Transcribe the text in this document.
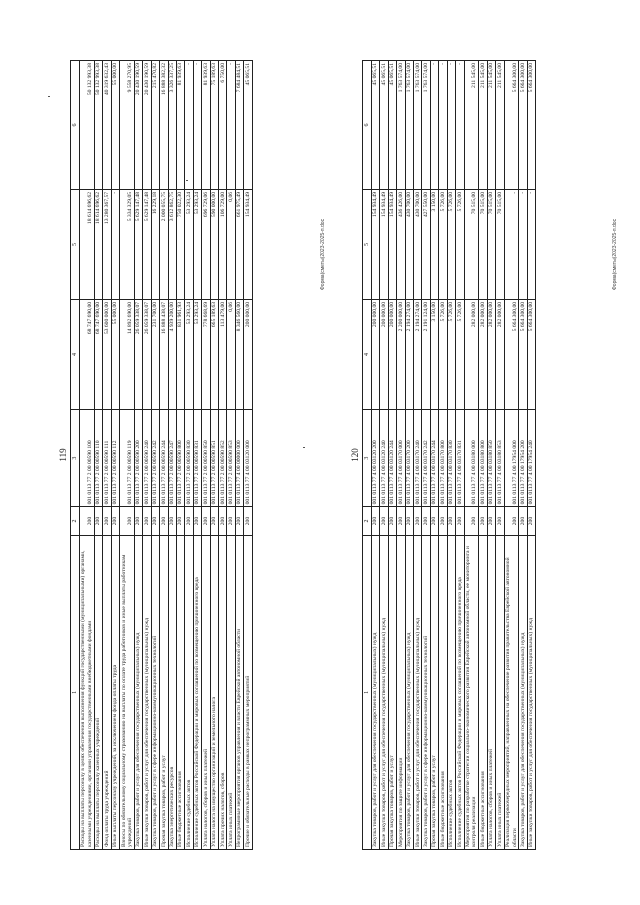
119
1	2	3	4	5	6
Расходы на выплаты персоналу в целях обеспечения выполнения функций государственными (муниципальными) органами, казенными учреждениями, органами управления государственными внебюджетными фондами	200	001 0113 77 2 00 00590 100	68 747 690,00	18 614 696,62	50 132 993,38
Расходы на выплаты персоналу казенных учреждений	200	001 0113 77 2 00 00590 110	68 747 690,00	18 614 696,62	50 132 993,38
Фонд оплаты труда учреждений	200	001 0113 77 2 00 00590 111	53 600 000,00	13 280 367,57	40 319 632,43
Иные выплаты персоналу учреждений, за исключением фонда оплаты труда	200	001 0113 77 2 00 00590 112	55 000,00	-	55 000,00
Взносы по обязательному социальному страхованию на выплаты по оплате труда работников и иные выплаты работникам учреждений	200	001 0113 77 2 00 00590 119	14 892 690,00	5 334 329,05	9 558 270,95
Закупка товаров, работ и услуг для обеспечения государственных (муниципальных) нужд	200	001 0113 77 2 00 00590 200	26 059 338,07	5 629 147,48	20 430 190,59
Иные закупки товаров, работ и услуг для обеспечения государственных (муниципальных) нужд	200	001 0113 77 2 00 00590 240	26 059 338,07	5 629 147,48	20 430 190,59
Закупка товаров, работ и услуг в сфере информационно-коммуникационных технологий	200	001 0113 77 2 00 00590 242	231 700,00	16 229,18	215 470,82
Прочая закупка товаров, работ и услуг	200	001 0113 77 2 00 00590 244	16 888 438,07	2 000 055,75	16 888 382,32
Закупка энергетических ресурсов	200	001 0113 77 2 00 00590 247	4 939 200,00	3 612 862,75	3 326 337,25
Иные бюджетные ассигнования	200	001 0113 77 2 00 00590 800	831 961,93	750 022,30	81 939,63
Исполнение судебных актов	200	001 0113 77 2 00 00590 830	53 293,24	53 293,24	-
Исполнение судебных актов Российской Федерации и мировых соглашений по возмещению причиненного вреда	200	001 0113 77 2 00 00590 831	53 293,24	53 293,24	-
Уплата налогов, сборов и иных платежей	200	001 0113 77 2 00 00590 850	778 668,69	696 729,06	81 939,63
Уплата налога на имущество организаций и земельного налога	200	001 0113 77 2 00 00590 851	665 189,63	590 000,00	75 189,63
Уплата прочих налогов, сборов	200	001 0113 77 2 00 00590 852	113 479,00	106 729,00	6 750,00
Уплата иных платежей	200	001 0113 77 2 00 00590 853	0,06	0,06	-
Непрограммные мероприятия органов управления и власти Еврейской автономной области	200	001 0113 77 4 00 00000 000	8 346 560,00	661 975,49	7 684 484,51
Прочие и обязательные расходы в рамках непрограммных мероприятий	200	001 0113 77 4 00 03120 000	200 000,00	154 934,49	45 065,51
Форма(сметы)2023-2025-п.doc
120
1	2	3	4	5	6
Закупка товаров, работ и услуг для обеспечения государственных (муниципальных) нужд	200	001 0113 77 4 00 03120 200	200 000,00	154 934,49	45 065,51
Иные закупки товаров, работ и услуг для обеспечения государственных (муниципальных) нужд	200	001 0113 77 4 00 03120 240	200 000,00	154 934,49	45 065,51
Прочая закупка товаров, работ и услуг	200	001 0113 77 4 00 03120 244	200 000,00	154 934,49	45 065,51
Мероприятия по защите информации	200	001 0113 77 4 00 03170 000	2 200 000,00	436 426,00	1 763 574,00
Закупка товаров, работ и услуг для обеспечения государственных (муниципальных) нужд	200	001 0113 77 4 00 03170 200	2 194 274,00	430 700,00	1 763 574,00
Иные закупки товаров, работ и услуг для обеспечения государственных (муниципальных) нужд	200	001 0113 77 4 00 03170 240	2 194 274,00	430 700,00	1 763 574,00
Закупка товаров, работ и услуг в сфере информационно-коммуникационных технологий	200	001 0113 77 4 00 03170 242	2 191 124,00	427 550,00	1 763 574,00
Прочая закупка товаров, работ и услуг	200	001 0113 77 4 00 03170 244	3 150,00	3 150,00	-
Иные бюджетные ассигнования	200	001 0113 77 4 00 03170 800	5 726,00	5 726,00	-
Исполнение судебных актов	200	001 0113 77 4 00 03170 830	5 726,00	5 726,00	-
Исполнение судебных актов Российской Федерации и мировых соглашений по возмещению причиненного вреда	200	001 0113 77 4 00 03170 831	5 726,00	5 726,00	-
Мероприятия по разработке стратегии социально-экономического развития Еврейской автономной области, ее мониторинга и контроля реализации	200	001 0113 77 4 00 03180 000	282 000,00	70 515,00	211 545,00
Иные бюджетные ассигнования	200	001 0113 77 4 00 03180 800	282 000,00	70 515,00	211 545,00
Уплата налогов, сборов и иных платежей	200	001 0113 77 4 00 03180 850	282 000,00	70 515,00	211 545,00
Уплата иных платежей	200	001 0113 77 4 00 03180 853	282 000,00	70 515,00	211 545,00
Реализация первоочередных мероприятий, направленных на обеспечение развития правительства Еврейской автономной области	200	001 0113 77 4 00 17954 000	5 664 300,00	-	5 664 300,00
Закупка товаров, работ и услуг для обеспечения государственных (муниципальных) нужд	200	001 0113 77 4 00 17954 200	5 664 300,00	-	5 664 300,00
Иные закупки товаров, работ и услуг для обеспечения государственных (муниципальных) нужд	200	001 0113 77 4 00 17954 240	5 664 300,00	-	5 664 300,00
Форма(сметы)2023-2025-п.doc
